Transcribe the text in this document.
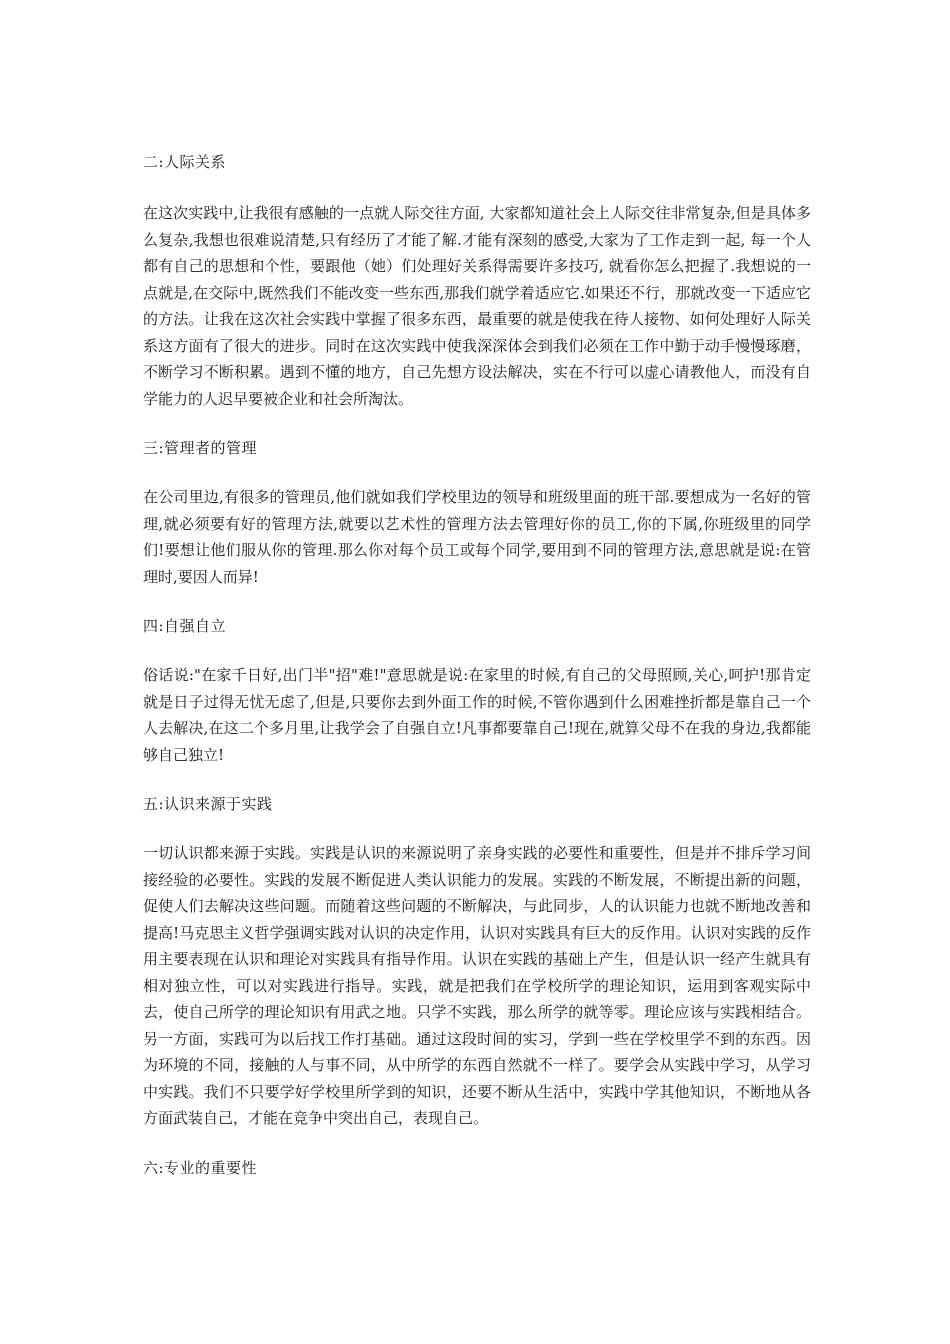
二:人际关系

在这次实践中,让我很有感触的一点就人际交往方面, 大家都知道社会上人际交往非常复杂,但是具体多么复杂,我想也很难说清楚,只有经历了才能了解.才能有深刻的感受,大家为了工作走到一起, 每一个人都有自己的思想和个性，要跟他（她）们处理好关系得需要许多技巧, 就看你怎么把握了.我想说的一点就是,在交际中,既然我们不能改变一些东西,那我们就学着适应它.如果还不行，那就改变一下适应它的方法。让我在这次社会实践中掌握了很多东西，最重要的就是使我在待人接物、如何处理好人际关系这方面有了很大的进步。同时在这次实践中使我深深体会到我们必须在工作中勤于动手慢慢琢磨，不断学习不断积累。遇到不懂的地方，自己先想方设法解决，实在不行可以虚心请教他人，而没有自学能力的人迟早要被企业和社会所淘汰。

三:管理者的管理

在公司里边,有很多的管理员,他们就如我们学校里边的领导和班级里面的班干部.要想成为一名好的管理,就必须要有好的管理方法,就要以艺术性的管理方法去管理好你的员工,你的下属,你班级里的同学们!要想让他们服从你的管理.那么你对每个员工或每个同学,要用到不同的管理方法,意思就是说:在管理时,要因人而异!

四:自强自立

俗话说:"在家千日好,出门半"招"难!"意思就是说:在家里的时候,有自己的父母照顾,关心,呵护!那肯定就是日子过得无忧无虑了,但是,只要你去到外面工作的时候,不管你遇到什么困难挫折都是靠自己一个人去解决,在这二个多月里,让我学会了自强自立!凡事都要靠自己!现在,就算父母不在我的身边,我都能够自己独立!

五:认识来源于实践

一切认识都来源于实践。实践是认识的来源说明了亲身实践的必要性和重要性，但是并不排斥学习间接经验的必要性。实践的发展不断促进人类认识能力的发展。实践的不断发展，不断提出新的问题，促使人们去解决这些问题。而随着这些问题的不断解决，与此同步，人的认识能力也就不断地改善和提高!马克思主义哲学强调实践对认识的决定作用，认识对实践具有巨大的反作用。认识对实践的反作用主要表现在认识和理论对实践具有指导作用。认识在实践的基础上产生，但是认识一经产生就具有相对独立性，可以对实践进行指导。实践，就是把我们在学校所学的理论知识，运用到客观实际中去，使自己所学的理论知识有用武之地。只学不实践，那么所学的就等零。理论应该与实践相结合。另一方面，实践可为以后找工作打基础。通过这段时间的实习，学到一些在学校里学不到的东西。因为环境的不同，接触的人与事不同，从中所学的东西自然就不一样了。要学会从实践中学习，从学习中实践。我们不只要学好学校里所学到的知识，还要不断从生活中，实践中学其他知识，不断地从各方面武装自己，才能在竞争中突出自己，表现自己。

六:专业的重要性
